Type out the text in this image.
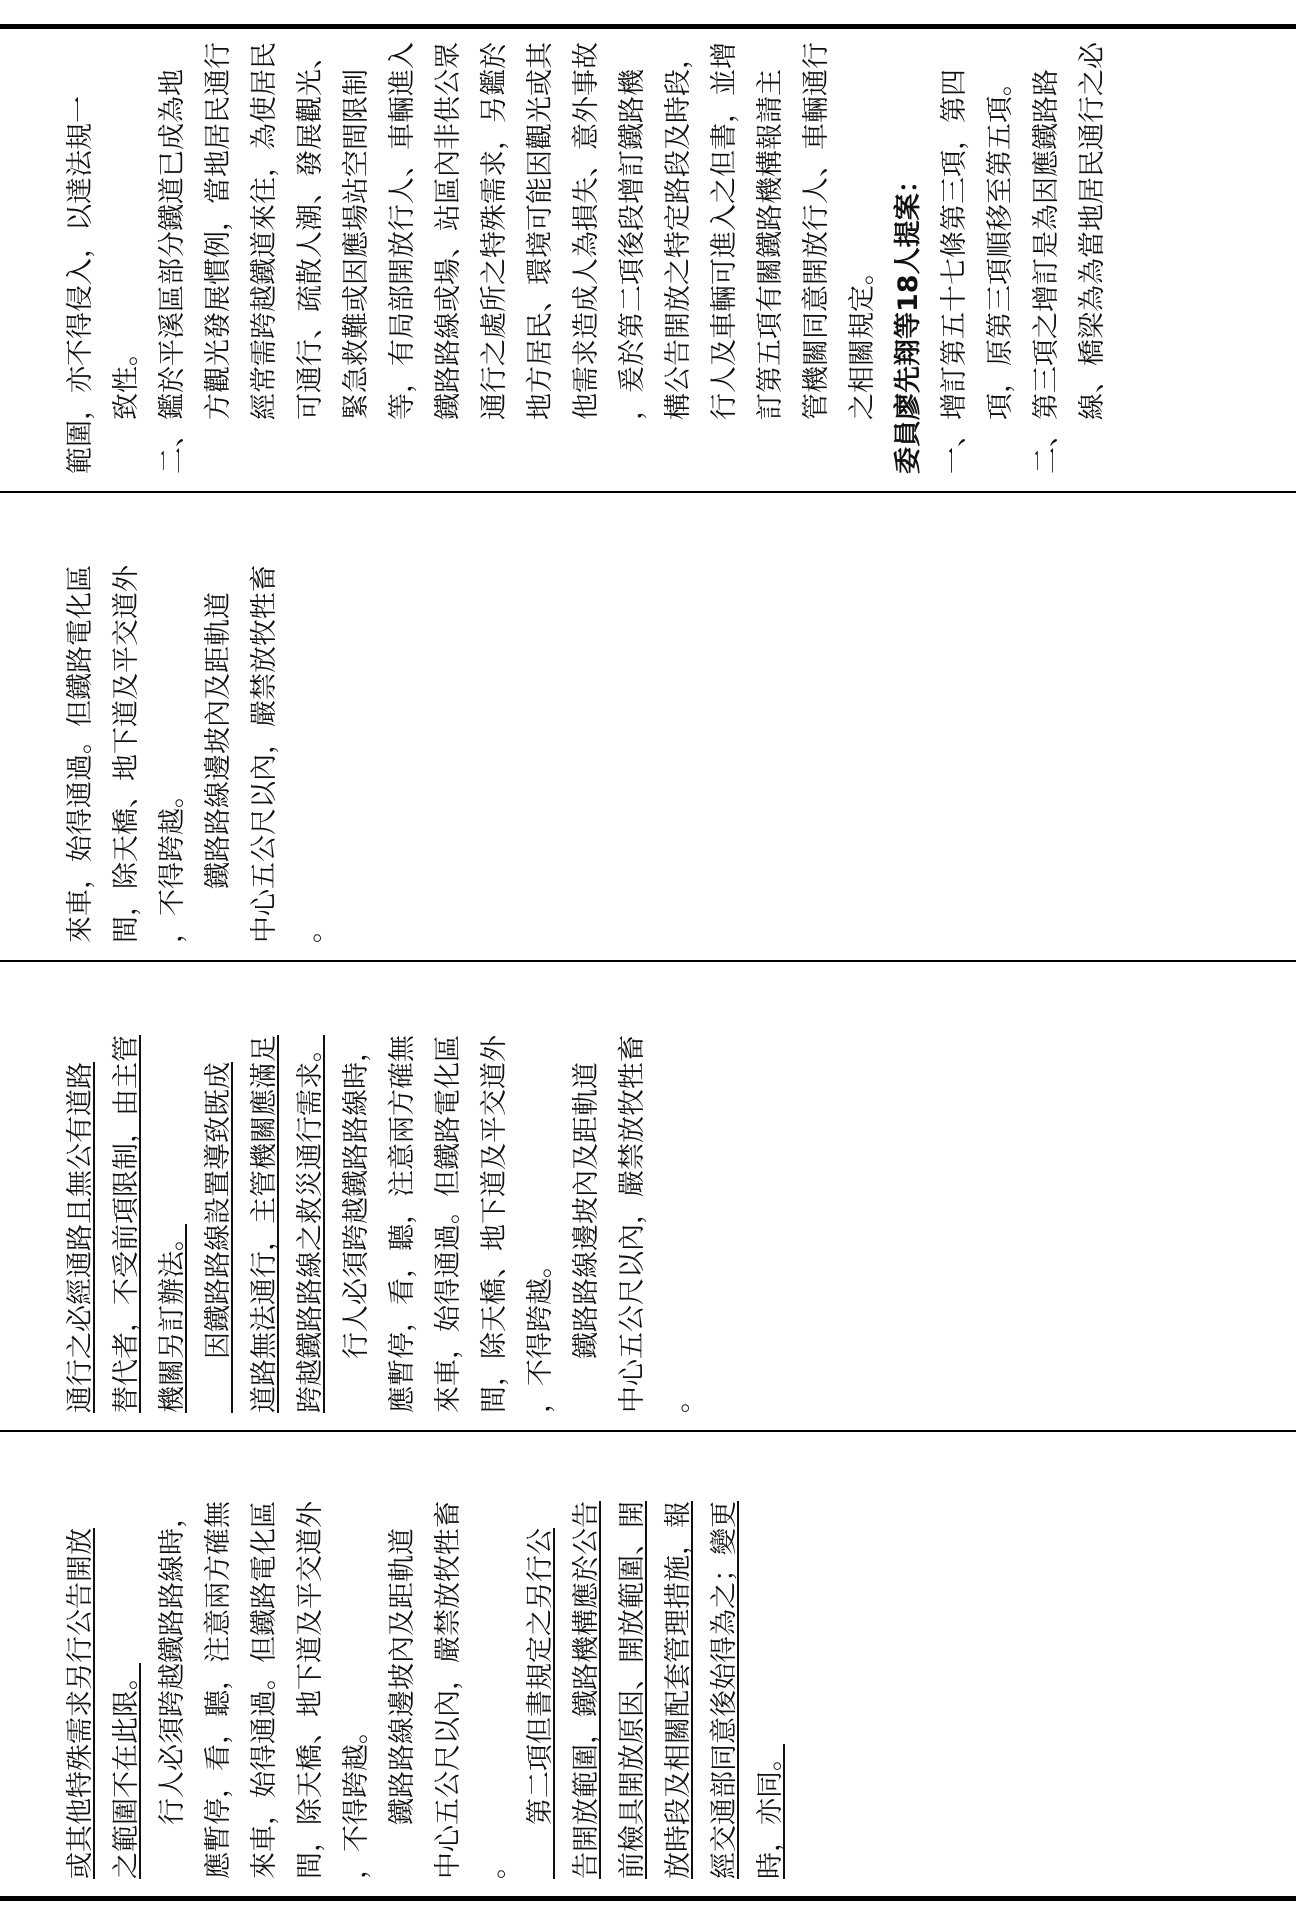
範圍，亦不得侵入，以達法規一 致性。 二、鑑於平溪區部分鐵道已成為地 方觀光發展慣例，當地居民通行 經常需跨越鐵道來往，為使居民 可通行、疏散人潮、發展觀光、 緊急救難或因應場站空間限制 等，有局部開放行人、車輛進入 鐵路路線或場、站區內非供公眾 通行之處所之特殊需求，另鑑於 地方居民、環境可能因觀光或其 他需求造成人為損失、意外事故 ，爰於第二項後段增訂鐵路機 構公告開放之特定路段及時段， 行人及車輛可進入之但書，並增 訂第五項有關鐵路機構報請主 管機關同意開放行人、車輛通行 之相關規定。 委員廖先翔等18人提案： 一、增訂第五十七條第三項，第四 項，原第三項順移至第五項。 二、第三項之增訂是為因應鐵路路 線、橋梁為為當地居民通行之必
來車，始得通過。但鐵路電化區 間，除天橋、地下道及平交道外 ，不得跨越。 　　鐵路路線邊坡內及距軌道 中心五公尺以內，嚴禁放牧牲畜 。
通行之必經通路且無公有道路 替代者，不受前項限制，由主管 機關另訂辦法。 　　因鐵路路線設置導致既成 道路無法通行，主管機關應滿足 跨越鐵路路線之救災通行需求。 　　行人必須跨越鐵路路線時， 應暫停，看，聽，注意兩方確無 來車，始得通過。但鐵路電化區 間，除天橋、地下道及平交道外 ，不得跨越。 　　鐵路路線邊坡內及距軌道 中心五公尺以內，嚴禁放牧牲畜 。
或其他特殊需求另行公告開放 之範圍不在此限。 　　行人必須跨越鐵路路線時， 應暫停，看，聽，注意兩方確無 來車，始得通過。但鐵路電化區 間，除天橋、地下道及平交道外 ，不得跨越。 　　鐵路路線邊坡內及距軌道 中心五公尺以內，嚴禁放牧牲畜 。 　　第二項但書規定之另行公 告開放範圍，鐵路機構應於公告 前檢具開放原因、開放範圍、開 放時段及相關配套管理措施，報 經交通部同意後始得為之；變更 時，亦同。
